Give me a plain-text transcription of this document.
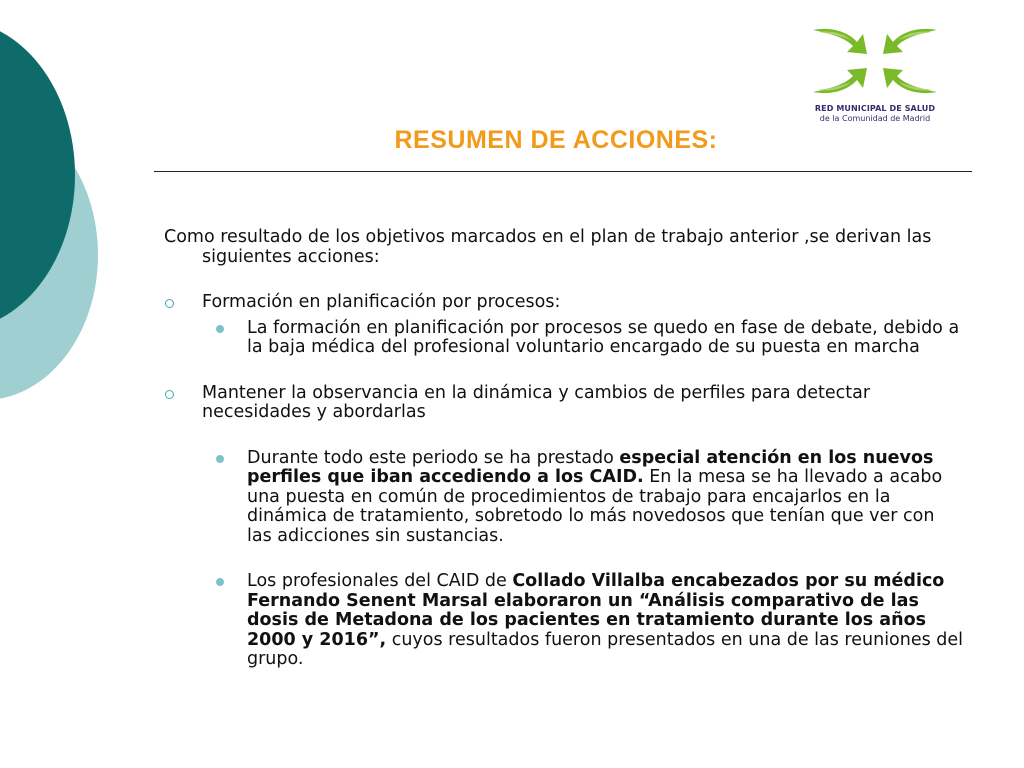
RED MUNICIPAL DE SALUD
de la Comunidad de Madrid
RESUMEN DE ACCIONES:

Como resultado de los objetivos marcados en el plan de trabajo anterior ,se derivan las siguientes acciones:

Formación en planificación por procesos:

La formación en planificación por procesos se quedo en fase de debate, debido a la baja médica del profesional voluntario encargado de su puesta en marcha

Mantener la observancia en la dinámica y cambios de perfiles para detectar necesidades y abordarlas

Durante todo este periodo se ha prestado especial atención en los nuevos perfiles que iban accediendo a los CAID. En la mesa se ha llevado a acabo una puesta en común de procedimientos de trabajo para encajarlos en la dinámica de tratamiento, sobretodo lo más novedosos que tenían que ver con las adicciones sin sustancias.

Los profesionales del CAID de Collado Villalba encabezados por su médico Fernando Senent Marsal elaboraron un “Análisis comparativo de las dosis de Metadona de los pacientes en tratamiento durante los años 2000 y 2016”, cuyos resultados fueron presentados en una de las reuniones del grupo.
